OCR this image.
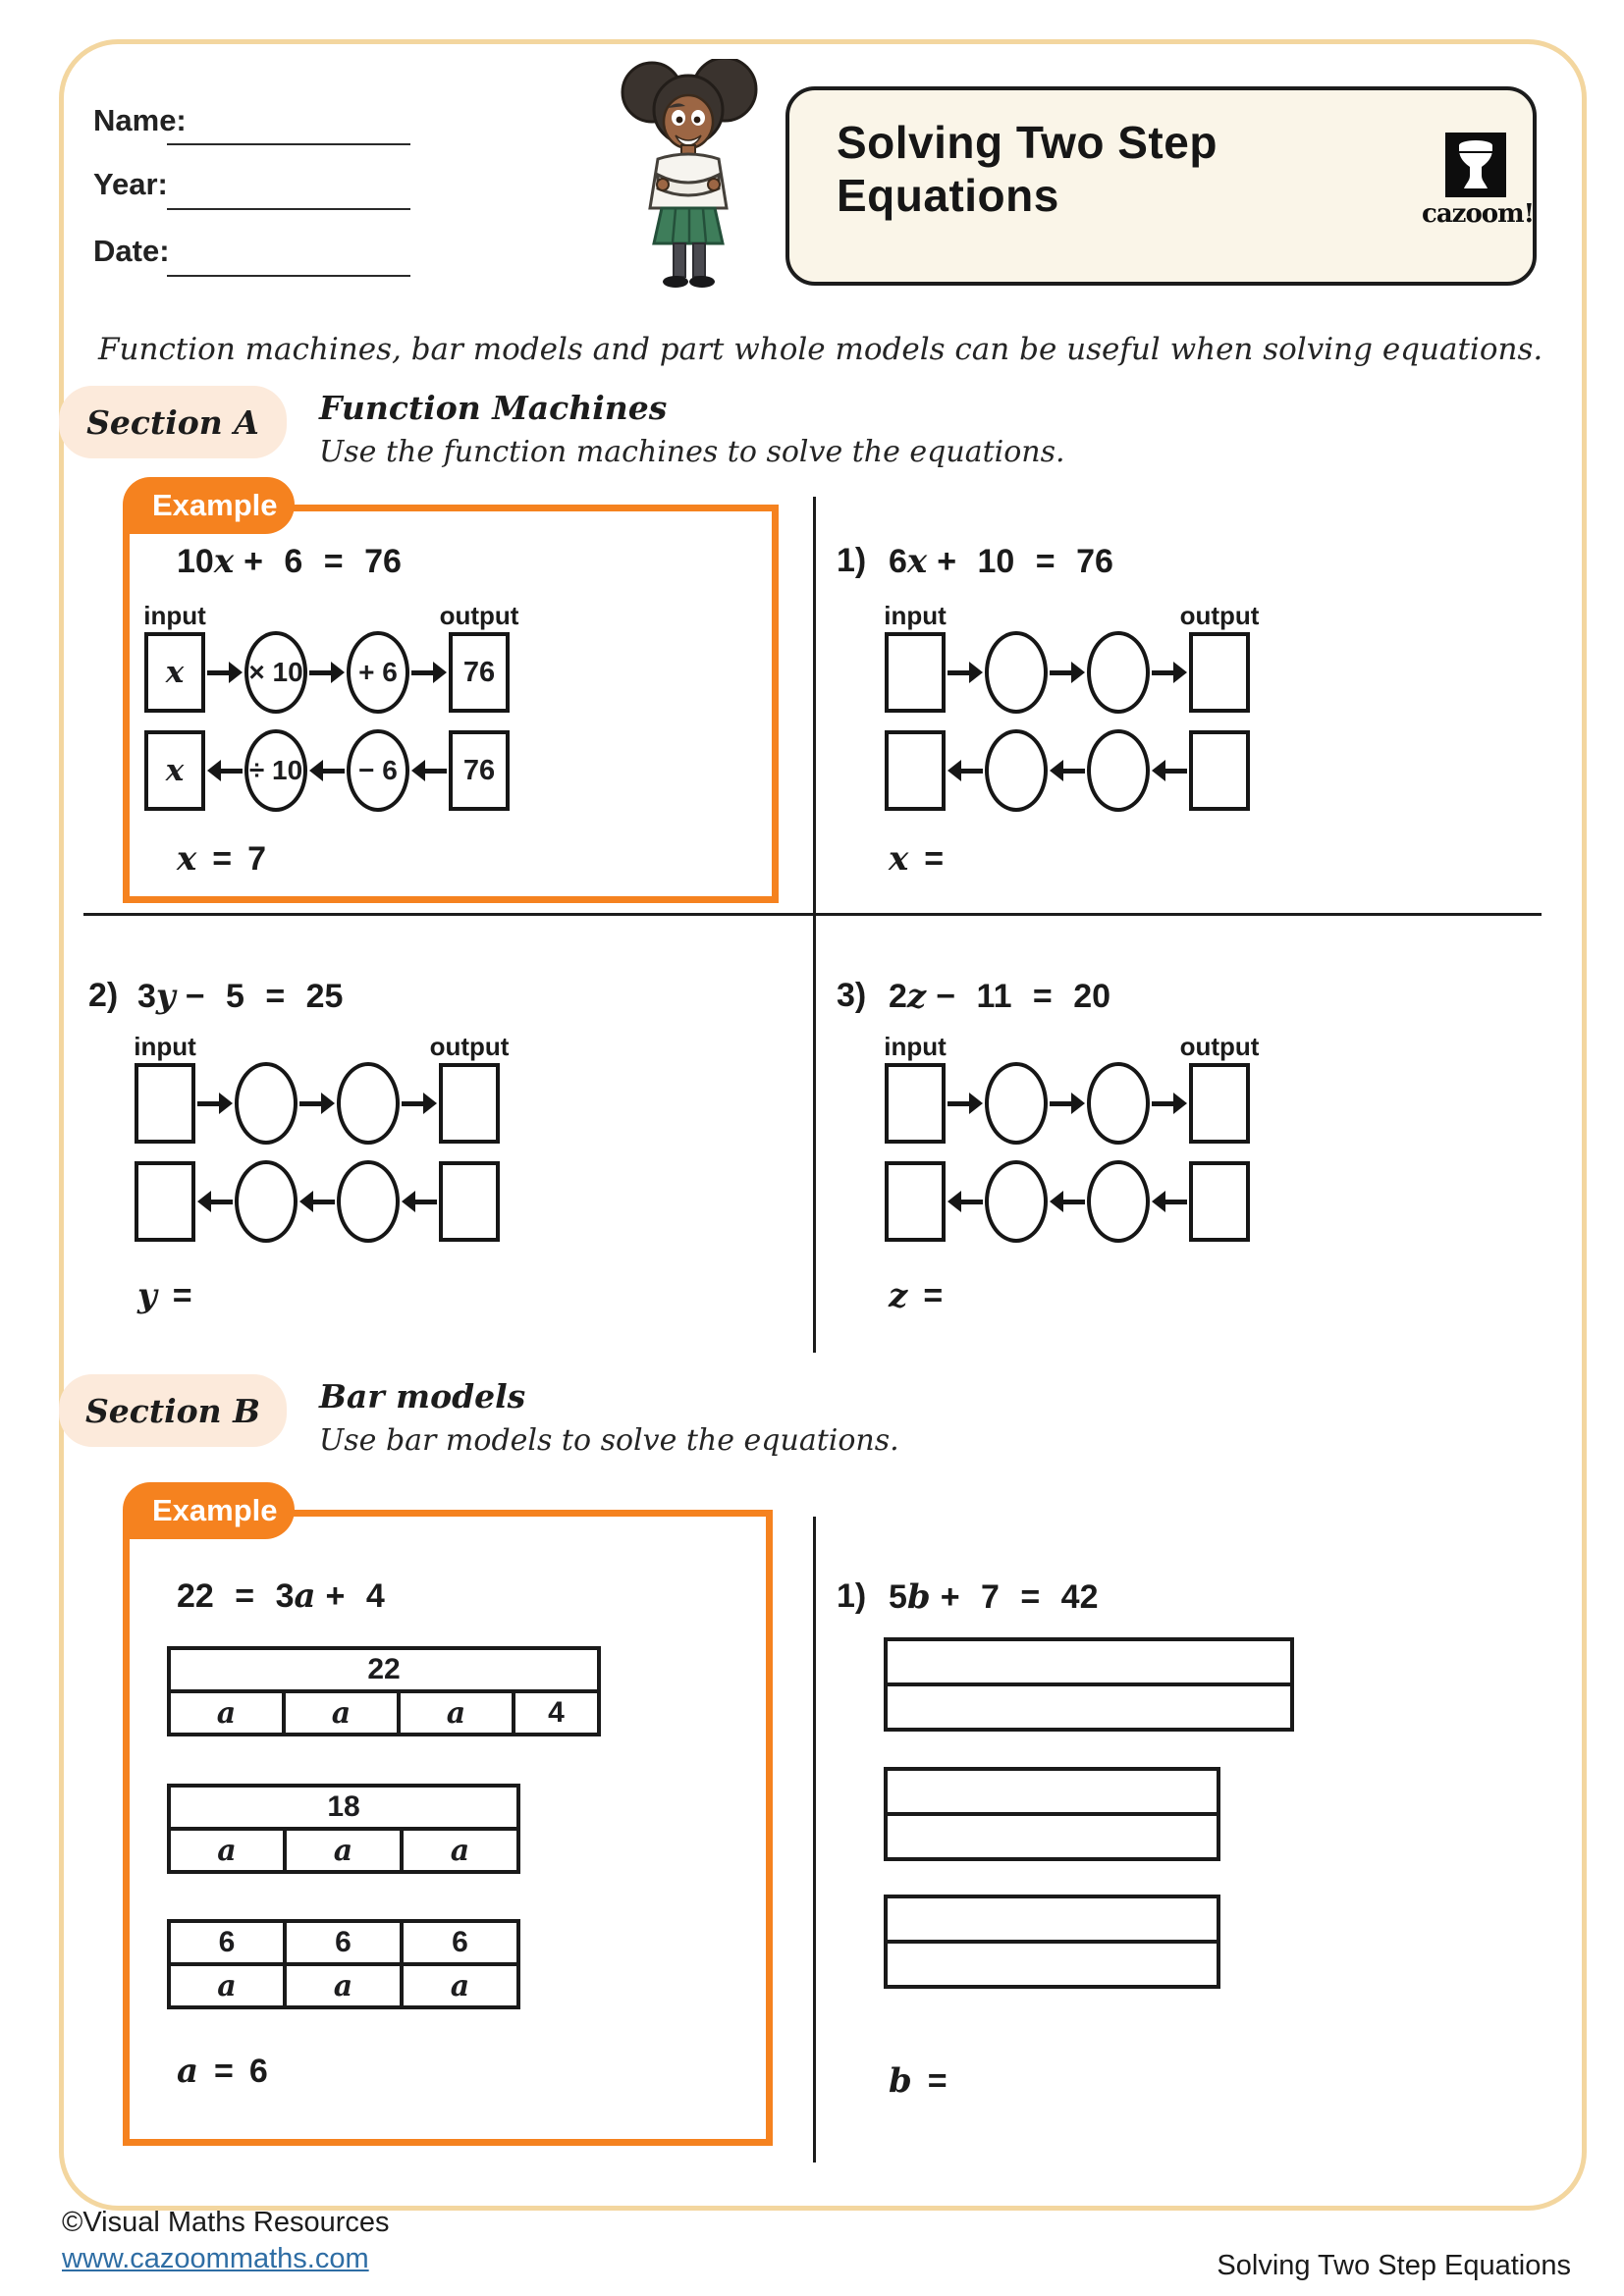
Name:
Year:
Date:
Solving Two Step
Equations	cazoom!
Function machines, bar models and part whole models can be useful when solving equations.
Section A	Function Machines
Use the function machines to solve the equations.
Example
10x + 6 = 76
input	output
x × 10 + 6 76
x ÷ 10 − 6 76
x = 7
1) 6x + 10 = 76
input	output
x =
2) 3y − 5 = 25
input	output
y =
3) 2z − 11 = 20
input	output
z =
Section B	Bar models
Use bar models to solve the equations.
Example
22 = 3a + 4
22
a	a	a	4
18
a	a	a
6	6	6
a	a	a
a = 6
1) 5b + 7 = 42
b =
©Visual Maths Resources
www.cazoommaths.com	Solving Two Step Equations
